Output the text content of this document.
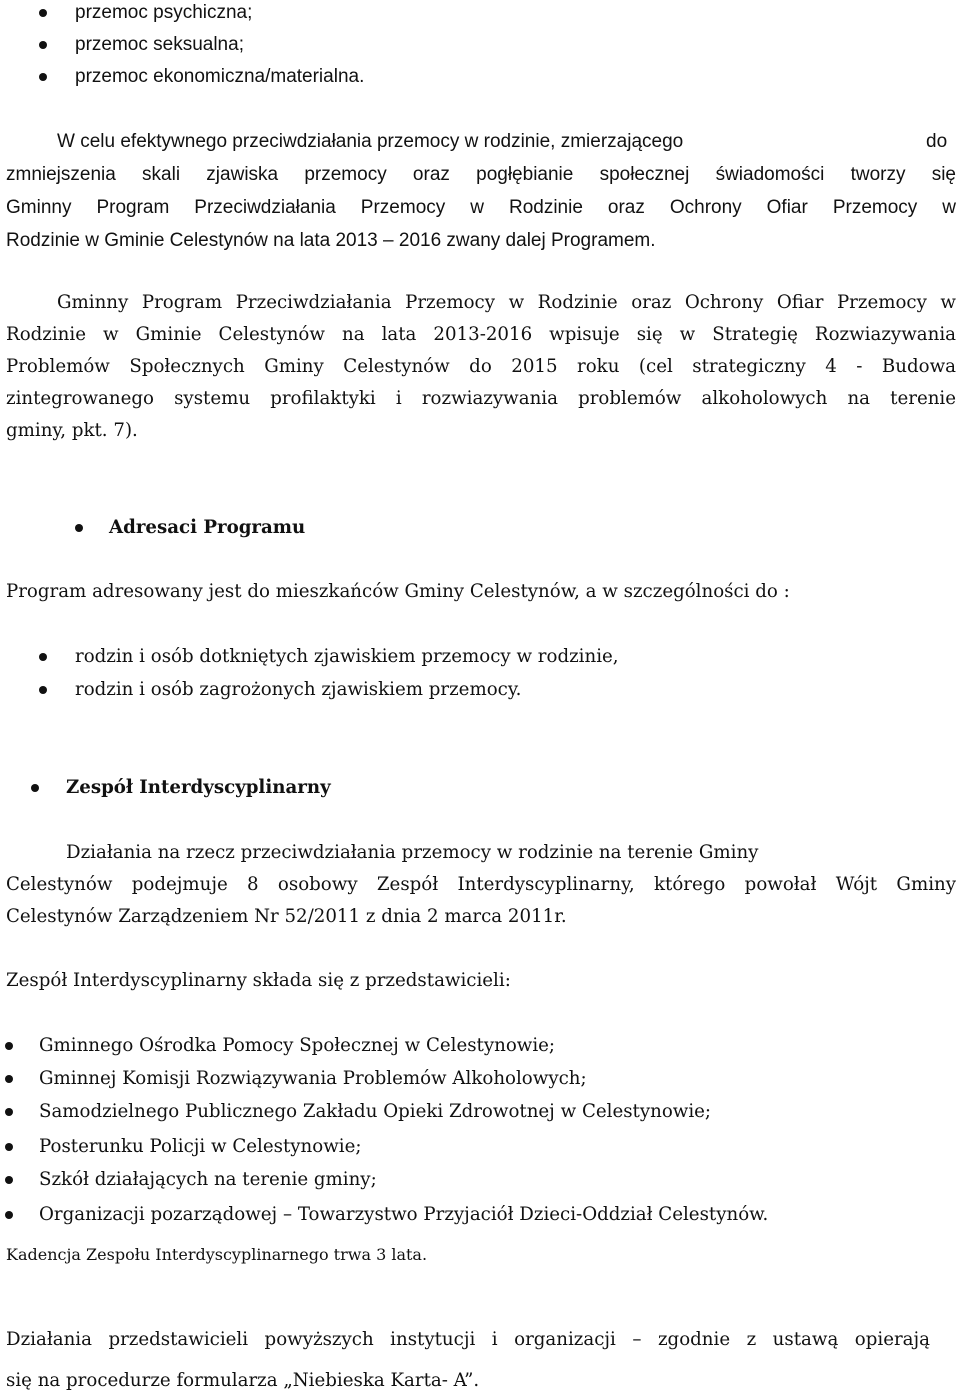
przemoc psychiczna;
przemoc seksualna;
przemoc ekonomiczna/materialna.
W celu efektywnego przeciwdziałania przemocy w rodzinie, zmierzającego	do
zmniejszenia skali zjawiska przemocy oraz pogłębianie społecznej świadomości tworzy się
Gminny Program Przeciwdziałania Przemocy w Rodzinie oraz Ochrony Ofiar Przemocy w
Rodzinie w Gminie Celestynów na lata 2013 – 2016 zwany dalej Programem.
Gminny Program Przeciwdziałania Przemocy w Rodzinie oraz Ochrony Ofiar Przemocy w
Rodzinie w Gminie Celestynów na lata 2013-2016 wpisuje się w Strategię Rozwiazywania
Problemów Społecznych Gminy Celestynów do 2015 roku (cel strategiczny 4 - Budowa
zintegrowanego systemu profilaktyki i rozwiazywania problemów alkoholowych na terenie
gminy, pkt. 7).
Adresaci Programu
Program adresowany jest do mieszkańców Gminy Celestynów, a w szczególności do :
rodzin i osób dotkniętych zjawiskiem przemocy w rodzinie,
rodzin i osób zagrożonych zjawiskiem przemocy.
Zespół Interdyscyplinarny
Działania na rzecz przeciwdziałania przemocy w rodzinie na terenie Gminy
Celestynów podejmuje 8 osobowy Zespół Interdyscyplinarny, którego powołał Wójt Gminy
Celestynów Zarządzeniem Nr 52/2011 z dnia 2 marca 2011r.
Zespół Interdyscyplinarny składa się z przedstawicieli:
Gminnego Ośrodka Pomocy Społecznej w Celestynowie;
Gminnej Komisji Rozwiązywania Problemów Alkoholowych;
Samodzielnego Publicznego Zakładu Opieki Zdrowotnej w Celestynowie;
Posterunku Policji w Celestynowie;
Szkół działających na terenie gminy;
Organizacji pozarządowej – Towarzystwo Przyjaciół Dzieci-Oddział Celestynów.
Kadencja Zespołu Interdyscyplinarnego trwa 3 lata.
Działania przedstawicieli powyższych instytucji i organizacji – zgodnie z ustawą opierają
się na procedurze formularza „Niebieska Karta- A”.
